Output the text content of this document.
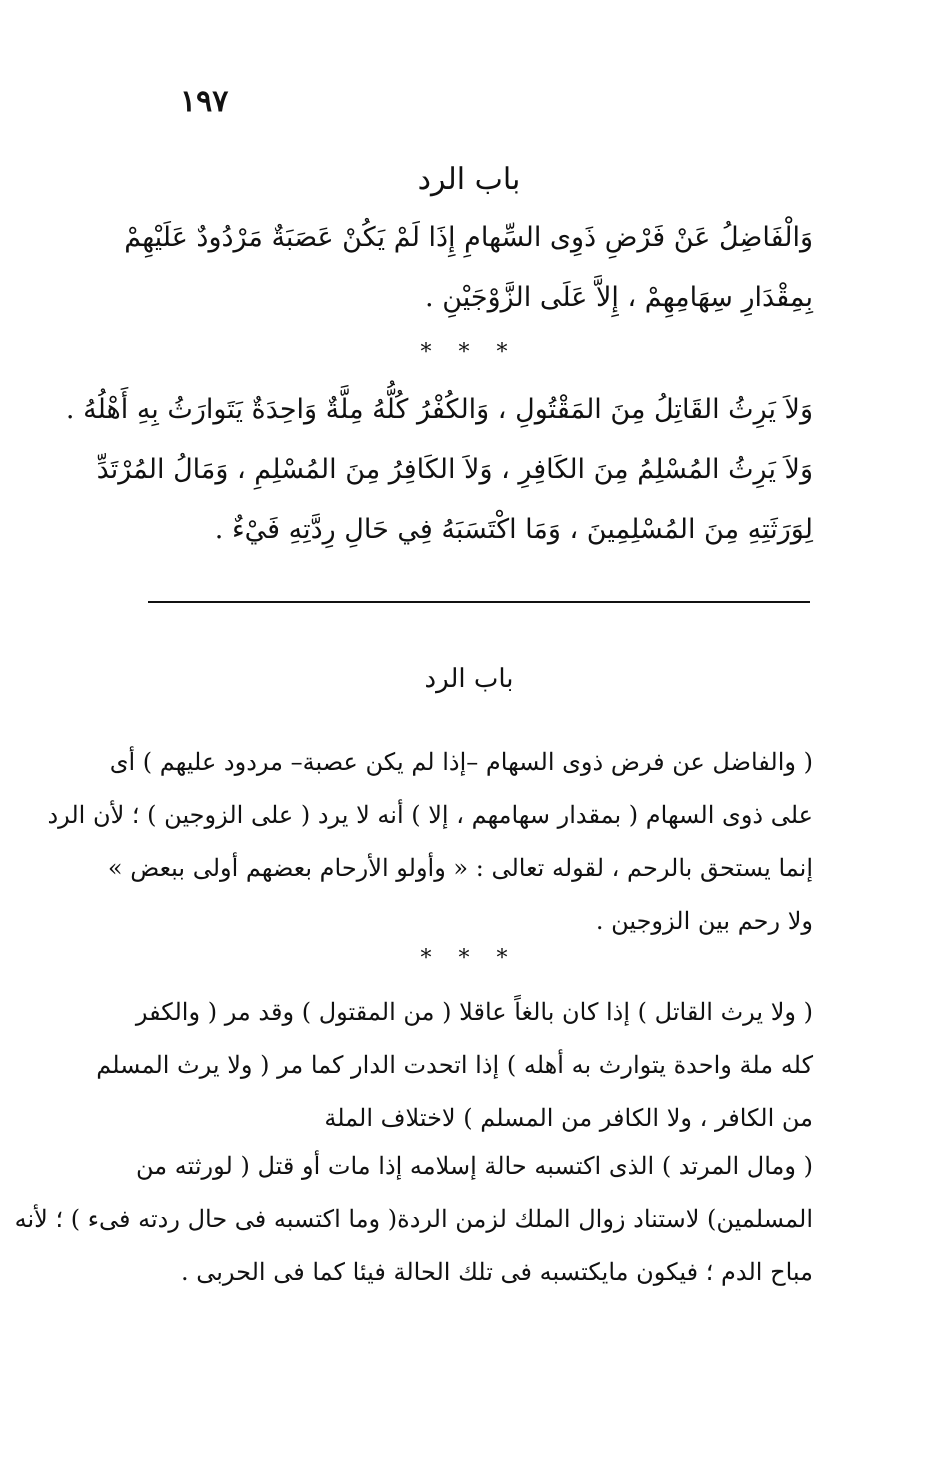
١٩٧
باب الرد
وَالْفَاضِلُ عَنْ فَرْضِ ذَوِى السِّهامِ إِذَا لَمْ يَكُنْ عَصَبَةٌ مَرْدُودٌ عَلَيْهِمْ
بِمِقْدَارِ سِهَامِهِمْ ، إِلاَّ عَلَى الزَّوْجَيْنِ .
* * *
وَلاَ يَرِثُ القَاتِلُ مِنَ المَقْتُولِ ، وَالكُفْرُ كُلُّهُ مِلَّةٌ وَاحِدَةٌ يَتَوارَثُ بِهِ أَهْلُهُ .
وَلاَ يَرِثُ المُسْلِمُ مِنَ الكَافِرِ ، وَلاَ الكَافِرُ مِنَ المُسْلِمِ ، وَمَالُ المُرْتَدِّ
لِوَرَثَتِهِ مِنَ المُسْلِمِينَ ، وَمَا اكْتَسَبَهُ فِي حَالِ رِدَّتِهِ فَيْءٌ .
باب الرد
( والفاضل عن فرض ذوى السهام –إذا لم يكن عصبة– مردود عليهم ) أى
على ذوى السهام ( بمقدار سهامهم ، إلا ) أنه لا يرد ( على الزوجين ) ؛ لأن الرد
إنما يستحق بالرحم ، لقوله تعالى : « وأولو الأرحام بعضهم أولى ببعض »
ولا رحم بين الزوجين .
* * *
( ولا يرث القاتل ) إذا كان بالغاً عاقلا ( من المقتول ) وقد مر ( والكفر
كله ملة واحدة يتوارث به أهله ) إذا اتحدت الدار كما مر ( ولا يرث المسلم
من الكافر ، ولا الكافر من المسلم ) لاختلاف الملة
( ومال المرتد ) الذى اكتسبه حالة إسلامه إذا مات أو قتل ( لورثته من
المسلمين) لاستناد زوال الملك لزمن الردة( وما اكتسبه فى حال ردته فىء ) ؛ لأنه
مباح الدم ؛ فيكون مايكتسبه فى تلك الحالة فيئا كما فى الحربى .
